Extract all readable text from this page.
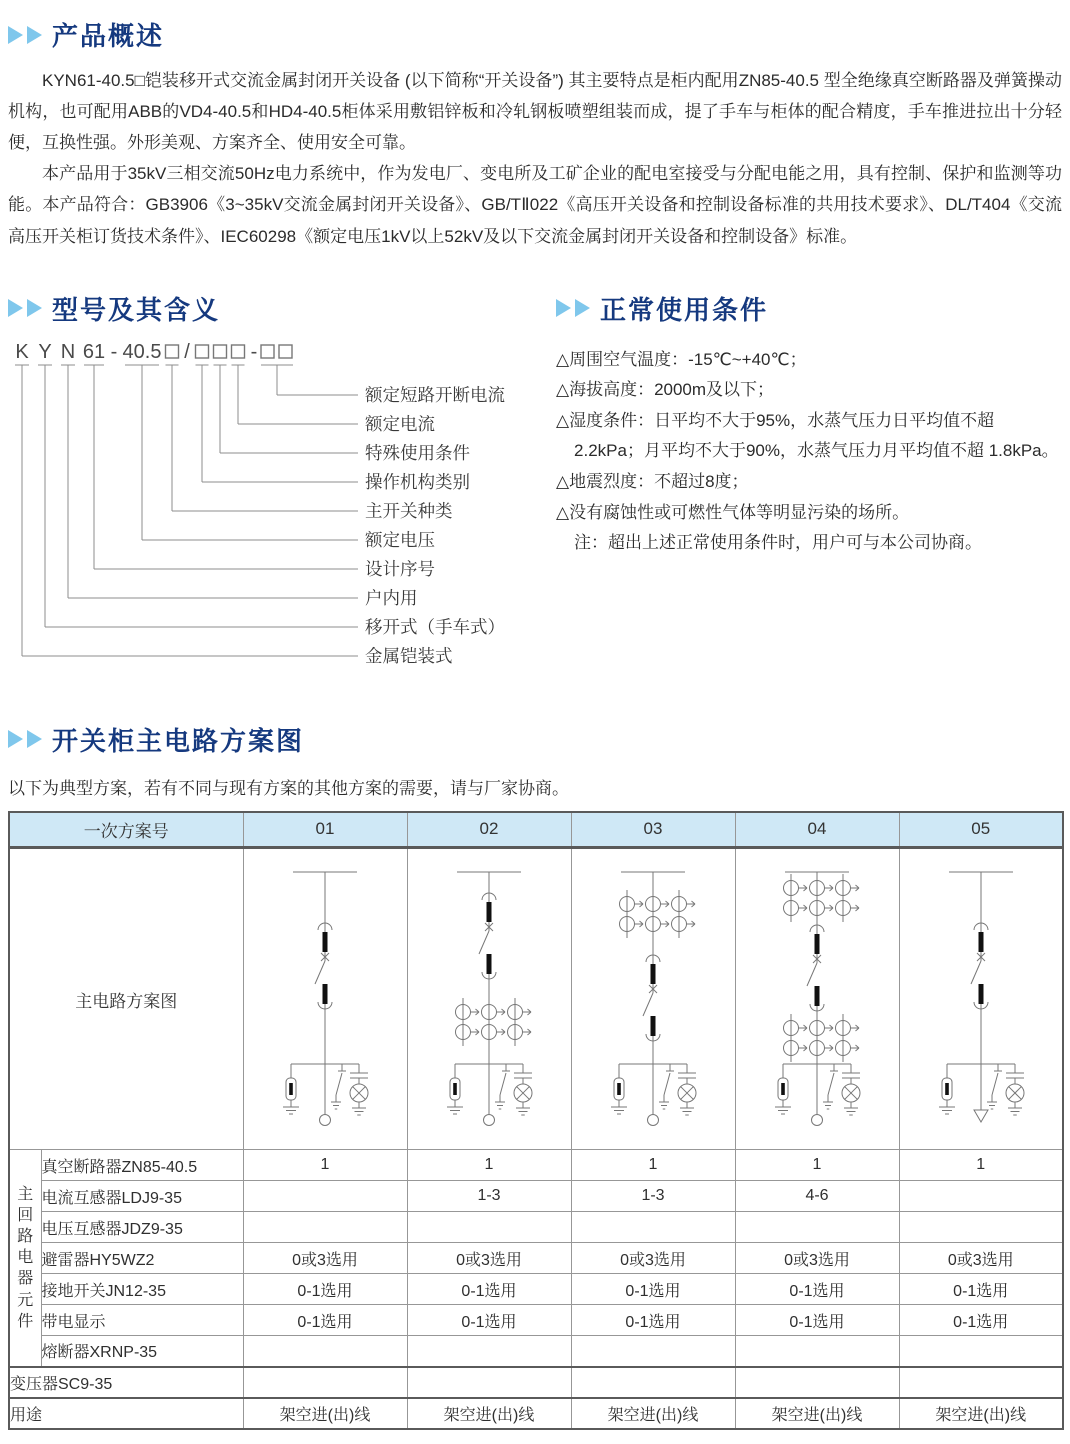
产品概述

KYN61-40.5□铠装移开式交流金属封闭开关设备 (以下简称“开关设备”) 其主要特点是柜内配用ZN85-40.5 型全绝缘真空断路器及弹簧操动机构，也可配用ABB的VD4-40.5和HD4-40.5柜体采用敷铝锌板和冷轧钢板喷塑组装而成，提了手车与柜体的配合精度，手车推进拉出十分轻便，互换性强。外形美观、方案齐全、使用安全可靠。

本产品用于35kV三相交流50Hz电力系统中，作为发电厂、变电所及工矿企业的配电室接受与分配电能之用，具有控制、保护和监测等功能。本产品符合：GB3906《3~35kV交流金属封闭开关设备》、GB/TⅡ022《高压开关设备和控制设备标准的共用技术要求》、DL/T404《交流高压开关柜订货技术条件》、IEC60298《额定电压1kV以上52kV及以下交流金属封闭开关设备和控制设备》标准。

型号及其含义
K Y N 61 - 40.5 /	-
额定短路开断电流
额定电流
特殊使用条件
操作机构类别
主开关种类
额定电压
设计序号
户内用
移开式（手车式）
金属铠装式
正常使用条件
△周围空气温度：-15℃~+40℃；
△海拔高度：2000m及以下；
△湿度条件：日平均不大于95%，水蒸气压力日平均值不超 2.2kPa；月平均不大于90%，水蒸气压力月平均值不超 1.8kPa。
△地震烈度：不超过8度；
△没有腐蚀性或可燃性气体等明显污染的场所。
注：超出上述正常使用条件时，用户可与本公司协商。
开关柜主电路方案图

以下为典型方案，若有不同与现有方案的其他方案的需要，请与厂家协商。

一次方案号		01	02	03	04	05
主电路方案图	

主
回
路
电
器
元
件	真空断路器ZN85-40.5	1	1	1	1	1
	电流互感器LDJ9-35		1-3	1-3	4-6	
	电压互感器JDZ9-35					
	避雷器HY5WZ2	0或3选用	0或3选用	0或3选用	0或3选用	0或3选用
	接地开关JN12-35	0-1选用	0-1选用	0-1选用	0-1选用	0-1选用
	带电显示	0-1选用	0-1选用	0-1选用	0-1选用	0-1选用
	熔断器XRNP-35					
变压器SC9-35						
用途		架空进(出)线	架空进(出)线	架空进(出)线	架空进(出)线	架空进(出)线
